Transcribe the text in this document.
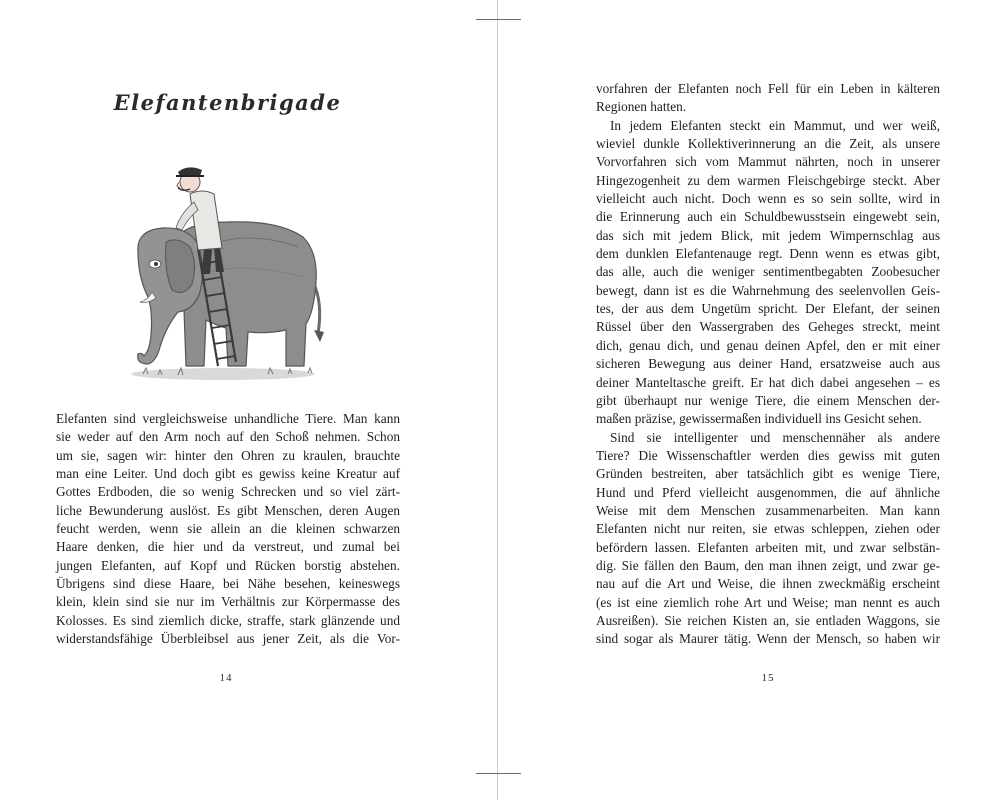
Elefantenbrigade
Elefanten sind vergleichsweise unhandliche Tiere. Man kann
sie weder auf den Arm noch auf den Schoß nehmen. Schon
um sie, sagen wir: hinter den Ohren zu kraulen, brauchte
man eine Leiter. Und doch gibt es gewiss keine Kreatur auf
Gottes Erdboden, die so wenig Schrecken und so viel zärt-
liche Bewunderung auslöst. Es gibt Menschen, deren Augen
feucht werden, wenn sie allein an die kleinen schwarzen
Haare denken, die hier und da verstreut, und zumal bei
jungen Elefanten, auf Kopf und Rücken borstig abstehen.
Übrigens sind diese Haare, bei Nähe besehen, keineswegs
klein, klein sind sie nur im Verhältnis zur Körpermasse des
Kolosses. Es sind ziemlich dicke, straffe, stark glänzende und
widerstandsfähige Überbleibsel aus jener Zeit, als die Vor-
14
vorfahren der Elefanten noch Fell für ein Leben in kälteren
Regionen hatten.
In jedem Elefanten steckt ein Mammut, und wer weiß,
wieviel dunkle Kollektiverinnerung an die Zeit, als unsere
Vorvorfahren sich vom Mammut nährten, noch in unserer
Hingezogenheit zu dem warmen Fleischgebirge steckt. Aber
vielleicht auch nicht. Doch wenn es so sein sollte, wird in
die Erinnerung auch ein Schuldbewusstsein eingewebt sein,
das sich mit jedem Blick, mit jedem Wimpernschlag aus
dem dunklen Elefantenauge regt. Denn wenn es etwas gibt,
das alle, auch die weniger sentimentbegabten Zoobesucher
bewegt, dann ist es die Wahrnehmung des seelenvollen Geis-
tes, der aus dem Ungetüm spricht. Der Elefant, der seinen
Rüssel über den Wassergraben des Geheges streckt, meint
dich, genau dich, und genau deinen Apfel, den er mit einer
sicheren Bewegung aus deiner Hand, ersatzweise auch aus
deiner Manteltasche greift. Er hat dich dabei angesehen – es
gibt überhaupt nur wenige Tiere, die einem Menschen der-
maßen präzise, gewissermaßen individuell ins Gesicht sehen.
Sind sie intelligenter und menschennäher als andere
Tiere? Die Wissenschaftler werden dies gewiss mit guten
Gründen bestreiten, aber tatsächlich gibt es wenige Tiere,
Hund und Pferd vielleicht ausgenommen, die auf ähnliche
Weise mit dem Menschen zusammenarbeiten. Man kann
Elefanten nicht nur reiten, sie etwas schleppen, ziehen oder
befördern lassen. Elefanten arbeiten mit, und zwar selbstän-
dig. Sie fällen den Baum, den man ihnen zeigt, und zwar ge-
nau auf die Art und Weise, die ihnen zweckmäßig erscheint
(es ist eine ziemlich rohe Art und Weise; man nennt es auch
Ausreißen). Sie reichen Kisten an, sie entladen Waggons, sie
sind sogar als Maurer tätig. Wenn der Mensch, so haben wir
15
